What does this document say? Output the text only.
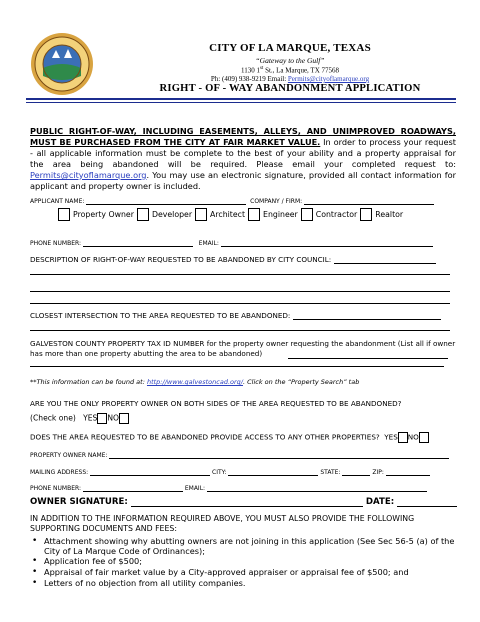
CITY OF LA MARQUE, TEXAS
“Gateway to the Gulf”
1130 1st St., La Marque, TX 77568
Ph: (409) 938-9219 Email: Permits@cityoflamarque.org
RIGHT - OF - WAY ABANDONMENT APPLICATION
PUBLIC RIGHT-OF-WAY, INCLUDING EASEMENTS, ALLEYS, AND UNIMPROVED ROADWAYS, MUST BE PURCHASED FROM THE CITY AT FAIR MARKET VALUE. In order to process your request - all applicable information must be complete to the best of your ability and a property appraisal for the area being abandoned will be required. Please email your completed request to: Permits@cityoflamarque.org. You may use an electronic signature, provided all contact information for applicant and property owner is included.
APPLICANT NAME:	COMPANY / FIRM:
Property Owner Developer Architect Engineer Contractor Realtor
PHONE NUMBER:	EMAIL:
DESCRIPTION OF RIGHT-OF-WAY REQUESTED TO BE ABANDONED BY CITY COUNCIL:
CLOSEST INTERSECTION TO THE AREA REQUESTED TO BE ABANDONED:
GALVESTON COUNTY PROPERTY TAX ID NUMBER for the property owner requesting the abandonment (List all if owner has more than one property abutting the area to be abandoned)
**This information can be found at: http://www.galvestoncad.org/. Click on the “Property Search” tab
ARE YOU THE ONLY PROPERTY OWNER ON BOTH SIDES OF THE AREA REQUESTED TO BE ABANDONED?
(Check one) YES NO
DOES THE AREA REQUESTED TO BE ABANDONED PROVIDE ACCESS TO ANY OTHER PROPERTIES? YES NO
PROPERTY OWNER NAME:
MAILING ADDRESS:	CITY:	STATE:	ZIP:
PHONE NUMBER:	EMAIL:
OWNER SIGNATURE:	DATE:
IN ADDITION TO THE INFORMATION REQUIRED ABOVE, YOU MUST ALSO PROVIDE THE FOLLOWING SUPPORTING DOCUMENTS AND FEES:
• Attachment showing why abutting owners are not joining in this application (See Sec 56-5 (a) of the City of La Marque Code of Ordinances);
• Application fee of $500;
• Appraisal of fair market value by a City-approved appraiser or appraisal fee of $500; and
• Letters of no objection from all utility companies.
